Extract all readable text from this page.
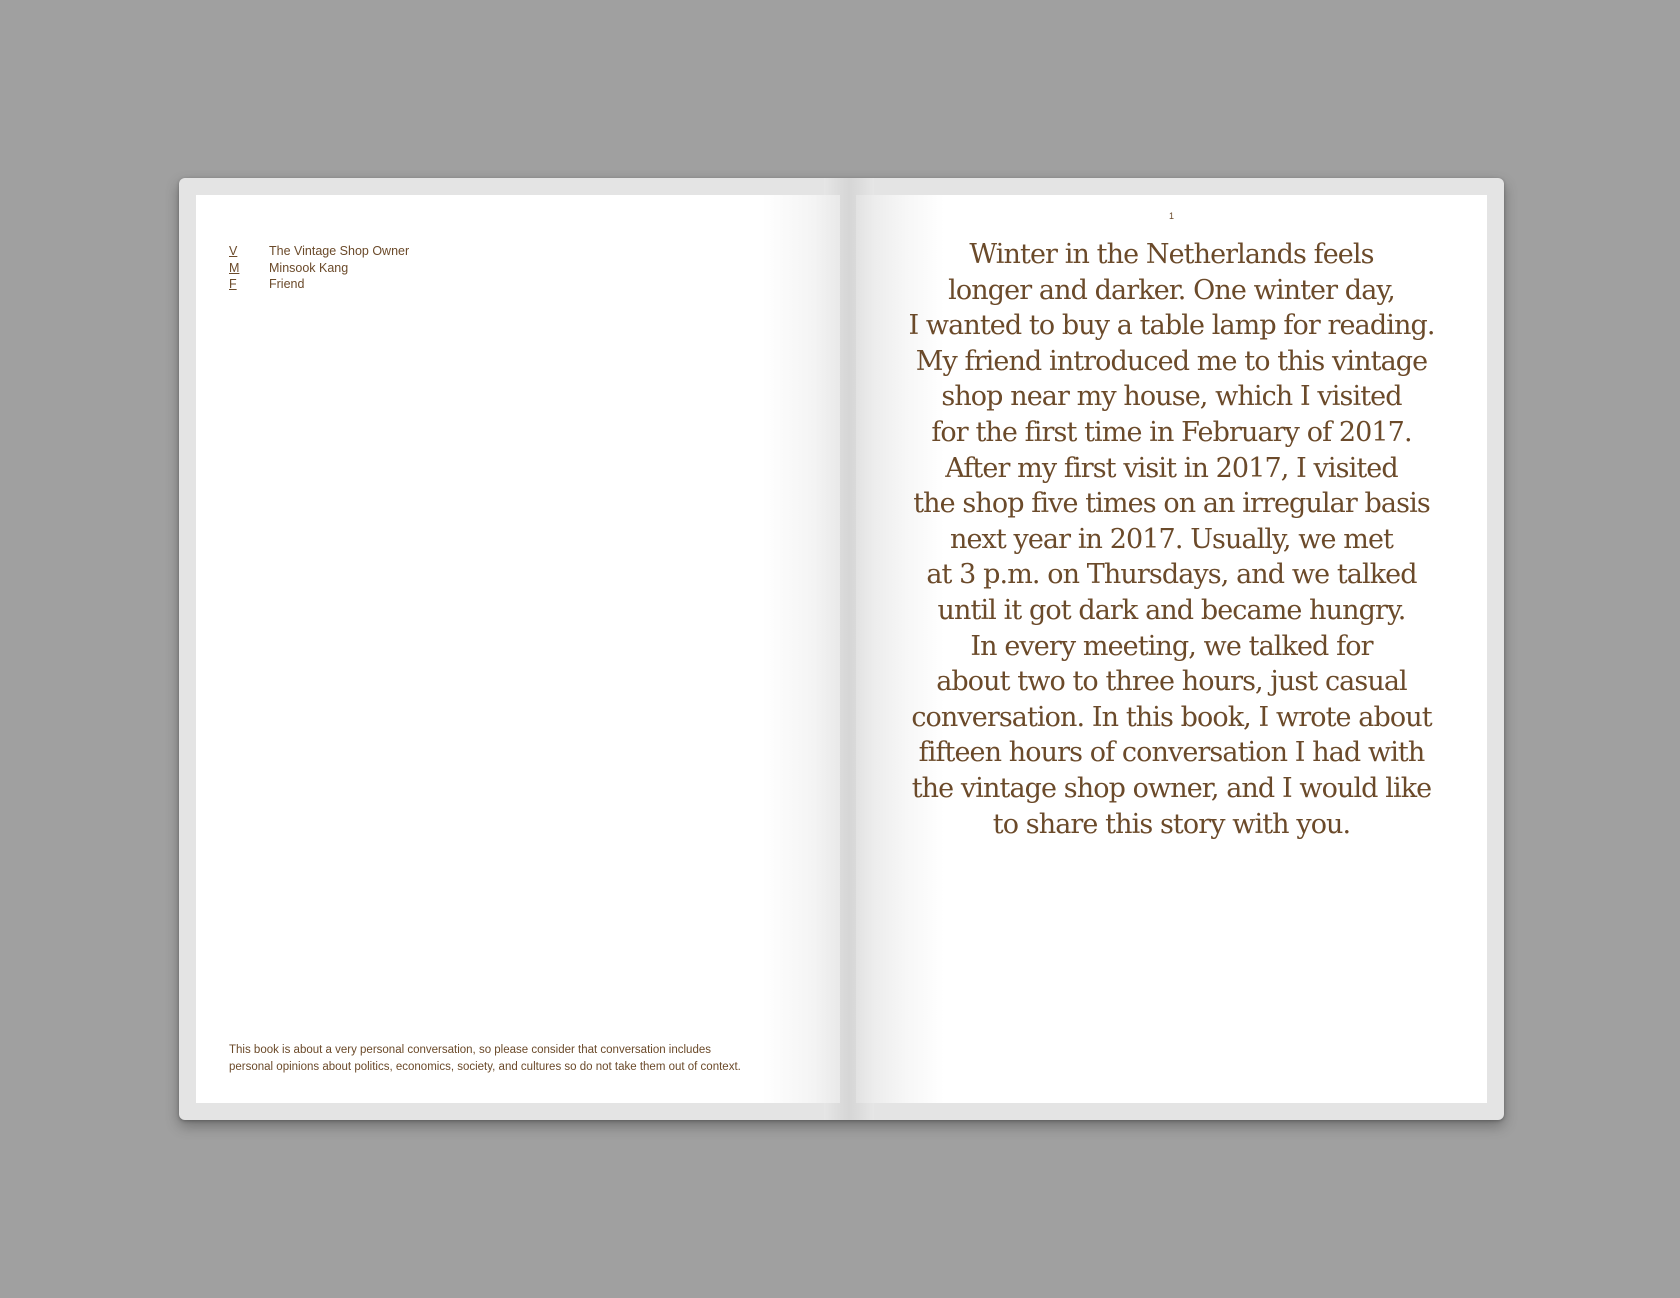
V	The Vintage Shop Owner
M	Minsook Kang
F	Friend
This book is about a very personal conversation, so please consider that conversation includes
personal opinions about politics, economics, society, and cultures so do not take them out of context.
1
Winter in the Netherlands feels
longer and darker. One winter day,
I wanted to buy a table lamp for reading.
My friend introduced me to this vintage
shop near my house, which I visited
for the first time in February of 2017.
After my first visit in 2017, I visited
the shop five times on an irregular basis
next year in 2017. Usually, we met
at 3 p.m. on Thursdays, and we talked
until it got dark and became hungry.
In every meeting, we talked for
about two to three hours, just casual
conversation. In this book, I wrote about
fifteen hours of conversation I had with
the vintage shop owner, and I would like
to share this story with you.
